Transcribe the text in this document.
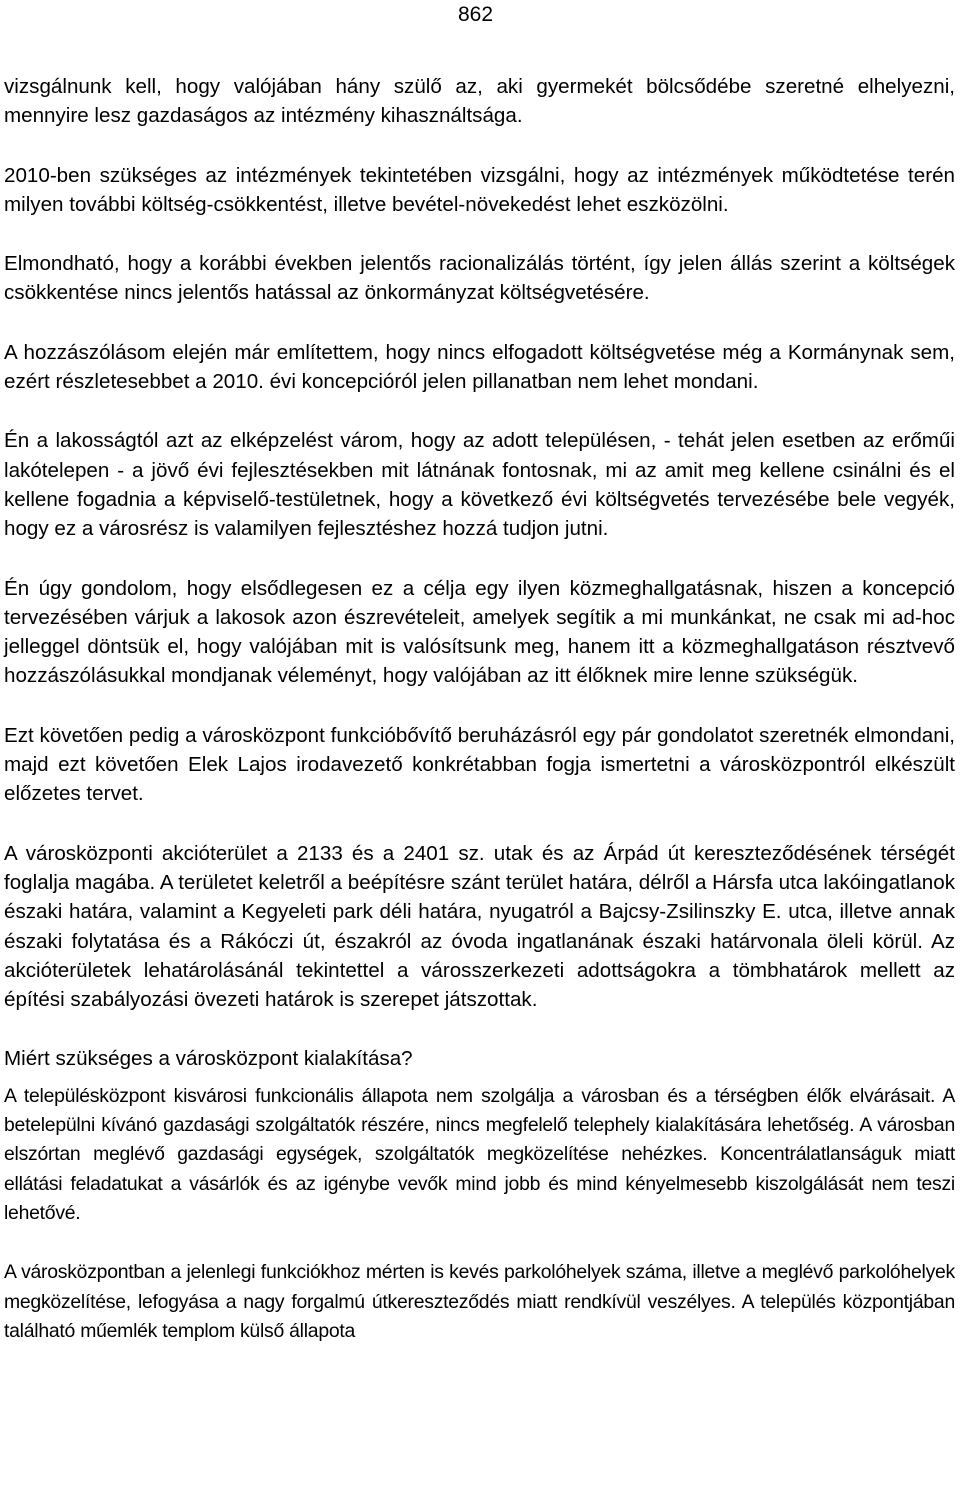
862

vizsgálnunk kell, hogy valójában hány szülő az, aki gyermekét bölcsődébe szeretné elhelyezni, mennyire lesz gazdaságos az intézmény kihasználtsága.

2010-ben szükséges az intézmények tekintetében vizsgálni, hogy az intézmények működtetése terén milyen további költség-csökkentést, illetve bevétel-növekedést lehet eszközölni.

Elmondható, hogy a korábbi években jelentős racionalizálás történt, így jelen állás szerint a költségek csökkentése nincs jelentős hatással az önkormányzat költségvetésére.

A hozzászólásom elején már említettem, hogy nincs elfogadott költségvetése még a Kormánynak sem, ezért részletesebbet a 2010. évi koncepcióról jelen pillanatban nem lehet mondani.

Én a lakosságtól azt az elképzelést várom, hogy az adott településen, - tehát jelen esetben az erőműi lakótelepen - a jövő évi fejlesztésekben mit látnának fontosnak, mi az amit meg kellene csinálni és el kellene fogadnia a képviselő-testületnek, hogy a következő évi költségvetés tervezésébe bele vegyék, hogy ez a városrész is valamilyen fejlesztéshez hozzá tudjon jutni.

Én úgy gondolom, hogy elsődlegesen ez a célja egy ilyen közmeghallgatásnak, hiszen a koncepció tervezésében várjuk a lakosok azon észrevételeit, amelyek segítik a mi munkánkat, ne csak mi ad-hoc jelleggel döntsük el, hogy valójában mit is valósítsunk meg, hanem itt a közmeghallgatáson résztvevő hozzászólásukkal mondjanak véleményt, hogy valójában az itt élőknek mire lenne szükségük.

Ezt követően pedig a városközpont funkcióbővítő beruházásról egy pár gondolatot szeretnék elmondani, majd ezt követően Elek Lajos irodavezető konkrétabban fogja ismertetni a városközpontról elkészült előzetes tervet.

A városközponti akcióterület a 2133 és a 2401 sz. utak és az Árpád út kereszteződésének térségét foglalja magába. A területet keletről a beépítésre szánt terület határa, délről a Hársfa utca lakóingatlanok északi határa, valamint a Kegyeleti park déli határa, nyugatról a Bajcsy-Zsilinszky E. utca, illetve annak északi folytatása és a Rákóczi út, északról az óvoda ingatlanának északi határvonala öleli körül. Az akcióterületek lehatárolásánál tekintettel a városszerkezeti adottságokra a tömbhatárok mellett az építési szabályozási övezeti határok is szerepet játszottak.

Miért szükséges a városközpont kialakítása?

A településközpont kisvárosi funkcionális állapota nem szolgálja a városban és a térségben élők elvárásait. A betelepülni kívánó gazdasági szolgáltatók részére, nincs megfelelő telephely kialakítására lehetőség. A városban elszórtan meglévő gazdasági egységek, szolgáltatók megközelítése nehézkes. Koncentrálatlanságuk miatt ellátási feladatukat a vásárlók és az igénybe vevők mind jobb és mind kényelmesebb kiszolgálását nem teszi lehetővé.

A városközpontban a jelenlegi funkciókhoz mérten is kevés parkolóhelyek száma, illetve a meglévő parkolóhelyek megközelítése, lefogyása a nagy forgalmú útkereszteződés miatt rendkívül veszélyes. A település központjában található műemlék templom külső állapota
